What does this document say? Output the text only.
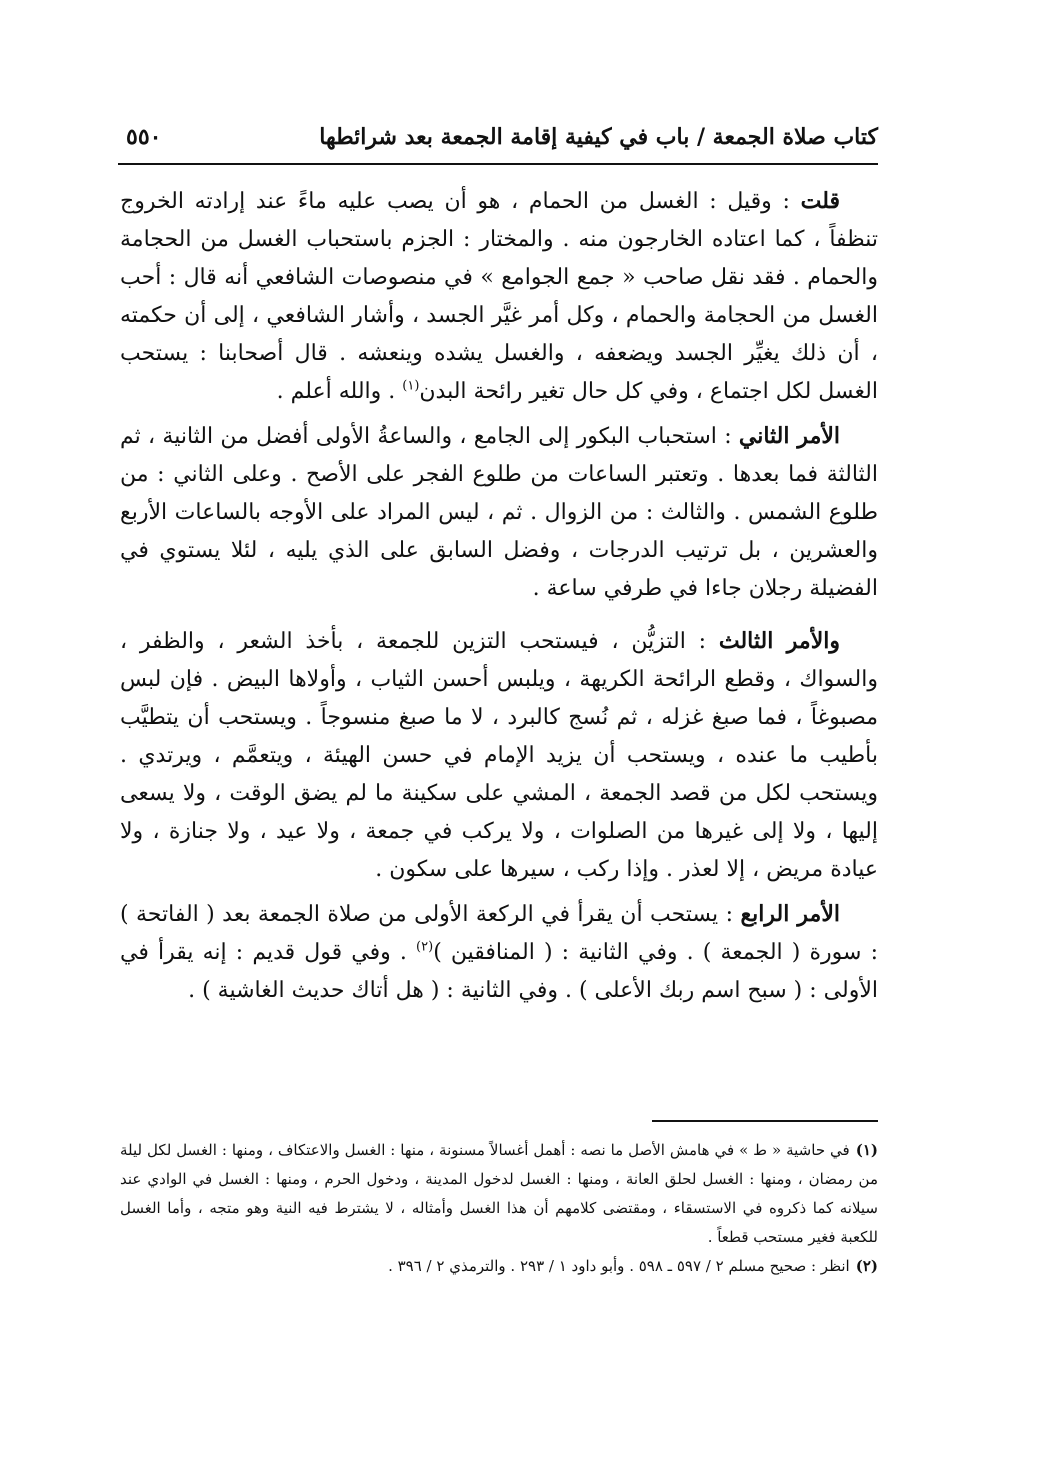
كتاب صلاة الجمعة / باب في كيفية إقامة الجمعة بعد شرائطها
٥٥٠

قلت : وقيل : الغسل من الحمام ، هو أن يصب عليه ماءً عند إرادته الخروج تنظفاً ، كما اعتاده الخارجون منه . والمختار : الجزم باستحباب الغسل من الحجامة والحمام . فقد نقل صاحب « جمع الجوامع » في منصوصات الشافعي أنه قال : أحب الغسل من الحجامة والحمام ، وكل أمر غيَّر الجسد ، وأشار الشافعي ، إلى أن حكمته ، أن ذلك يغيِّر الجسد ويضعفه ، والغسل يشده وينعشه . قال أصحابنا : يستحب الغسل لكل اجتماع ، وفي كل حال تغير رائحة البدن$^{(١)}$ . والله أعلم .

الأمر الثاني : استحباب البكور إلى الجامع ، والساعةُ الأولى أفضل من الثانية ، ثم الثالثة فما بعدها . وتعتبر الساعات من طلوع الفجر على الأصح . وعلى الثاني : من طلوع الشمس . والثالث : من الزوال . ثم ، ليس المراد على الأوجه بالساعات الأربع والعشرين ، بل ترتيب الدرجات ، وفضل السابق على الذي يليه ، لئلا يستوي في الفضيلة رجلان جاءا في طرفي ساعة .

والأمر الثالث : التزيُّن ، فيستحب التزين للجمعة ، بأخذ الشعر ، والظفر ، والسواك ، وقطع الرائحة الكريهة ، ويلبس أحسن الثياب ، وأولاها البيض . فإن لبس مصبوغاً ، فما صبغ غزله ، ثم نُسج كالبرد ، لا ما صبغ منسوجاً . ويستحب أن يتطيَّب بأطيب ما عنده ، ويستحب أن يزيد الإمام في حسن الهيئة ، ويتعمَّم ، ويرتدي . ويستحب لكل من قصد الجمعة ، المشي على سكينة ما لم يضق الوقت ، ولا يسعى إليها ، ولا إلى غيرها من الصلوات ، ولا يركب في جمعة ، ولا عيد ، ولا جنازة ، ولا عيادة مريض ، إلا لعذر . وإذا ركب ، سيرها على سكون .

الأمر الرابع : يستحب أن يقرأ في الركعة الأولى من صلاة الجمعة بعد ( الفاتحة ) : سورة ( الجمعة ) . وفي الثانية : ( المنافقين )$^{(٢)}$ . وفي قول قديم : إنه يقرأ في الأولى : ( سبح اسم ربك الأعلى ) . وفي الثانية : ( هل أتاك حديث الغاشية ) .

(١)في حاشية « ط » في هامش الأصل ما نصه : أهمل أغسالاً مسنونة ، منها : الغسل والاعتكاف ، ومنها : الغسل لكل ليلة من رمضان ، ومنها : الغسل لحلق العانة ، ومنها : الغسل لدخول المدينة ، ودخول الحرم ، ومنها : الغسل في الوادي عند سيلانه كما ذكروه في الاستسقاء ، ومقتضى كلامهم أن هذا الغسل وأمثاله ، لا يشترط فيه النية وهو متجه ، وأما الغسل للكعبة فغير مستحب قطعاً .

(٢)انظر : صحيح مسلم ٢ / ٥٩٧ ـ ٥٩٨ . وأبو داود ١ / ٢٩٣ . والترمذي ٢ / ٣٩٦ .
